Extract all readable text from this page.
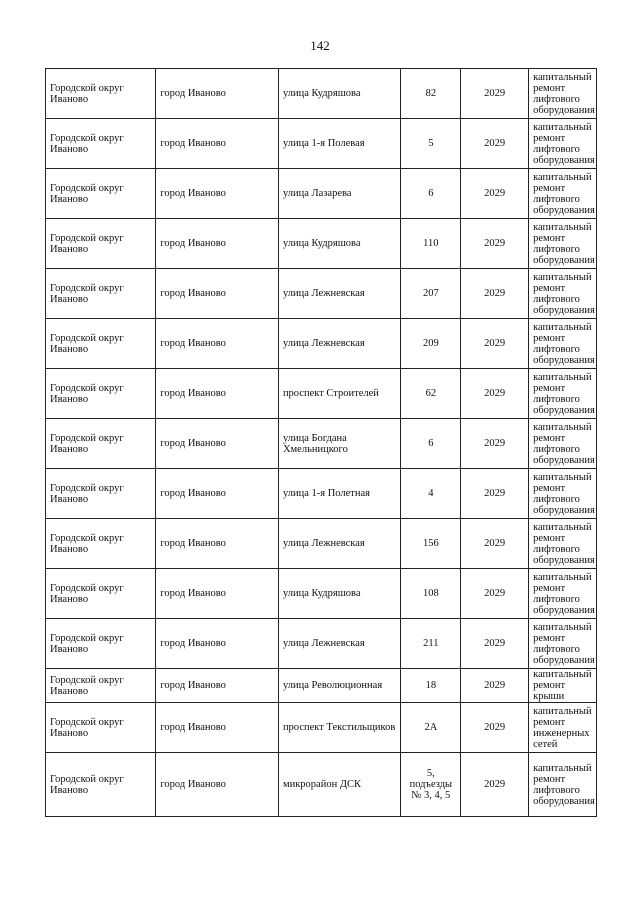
142
Городской округ Иваново	город Иваново	улица Кудряшова	82	2029	капитальный ремонт лифтового оборудования
Городской округ Иваново	город Иваново	улица 1-я Полевая	5	2029	капитальный ремонт лифтового оборудования
Городской округ Иваново	город Иваново	улица Лазарева	6	2029	капитальный ремонт лифтового оборудования
Городской округ Иваново	город Иваново	улица Кудряшова	110	2029	капитальный ремонт лифтового оборудования
Городской округ Иваново	город Иваново	улица Лежневская	207	2029	капитальный ремонт лифтового оборудования
Городской округ Иваново	город Иваново	улица Лежневская	209	2029	капитальный ремонт лифтового оборудования
Городской округ Иваново	город Иваново	проспект Строителей	62	2029	капитальный ремонт лифтового оборудования
Городской округ Иваново	город Иваново	улица Богдана Хмельницкого	6	2029	капитальный ремонт лифтового оборудования
Городской округ Иваново	город Иваново	улица 1-я Полетная	4	2029	капитальный ремонт лифтового оборудования
Городской округ Иваново	город Иваново	улица Лежневская	156	2029	капитальный ремонт лифтового оборудования
Городской округ Иваново	город Иваново	улица Кудряшова	108	2029	капитальный ремонт лифтового оборудования
Городской округ Иваново	город Иваново	улица Лежневская	211	2029	капитальный ремонт лифтового оборудования
Городской округ Иваново	город Иваново	улица Революционная	18	2029	капитальный ремонт крыши
Городской округ Иваново	город Иваново	проспект Текстильщиков	2А	2029	капитальный ремонт инженерных сетей
Городской округ Иваново	город Иваново	микрорайон ДСК	5,
подъезды
№ 3, 4, 5	2029	капитальный ремонт лифтового оборудования
